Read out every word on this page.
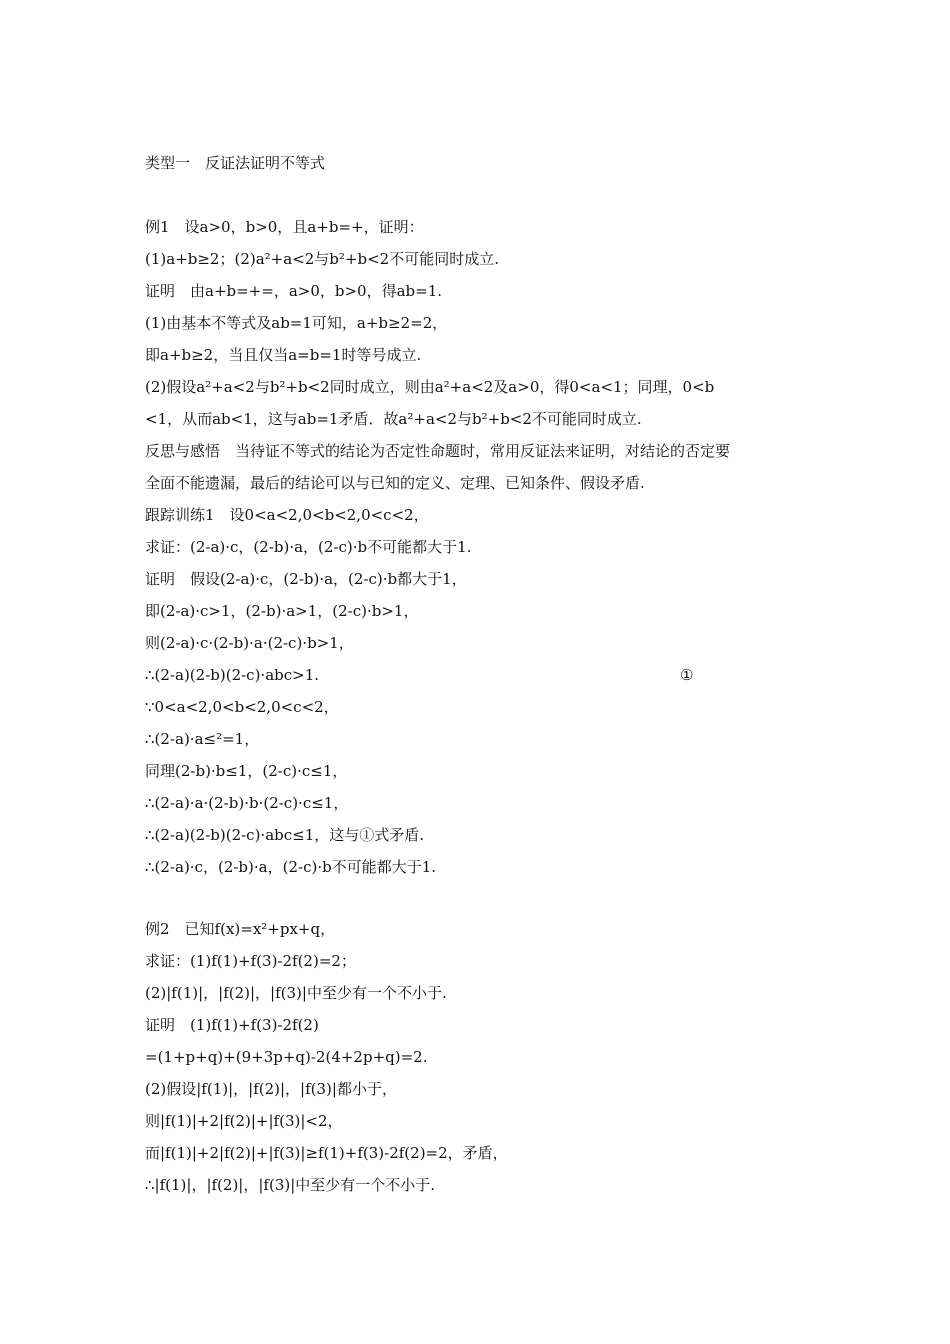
类型一　反证法证明不等式
例1　设a>0，b>0，且a+b=+，证明：
(1)a+b≥2；(2)a²+a<2与b²+b<2不可能同时成立.
证明　由a+b=+=，a>0，b>0，得ab=1.
(1)由基本不等式及ab=1可知，a+b≥2=2，
即a+b≥2，当且仅当a=b=1时等号成立.
(2)假设a²+a<2与b²+b<2同时成立，则由a²+a<2及a>0，得0<a<1；同理，0<b
<1，从而ab<1，这与ab=1矛盾．故a²+a<2与b²+b<2不可能同时成立.
反思与感悟　当待证不等式的结论为否定性命题时，常用反证法来证明，对结论的否定要
全面不能遗漏，最后的结论可以与已知的定义、定理、已知条件、假设矛盾.
跟踪训练1　设0<a<2,0<b<2,0<c<2，
求证：(2-a)·c，(2-b)·a，(2-c)·b不可能都大于1.
证明　假设(2-a)·c，(2-b)·a，(2-c)·b都大于1，
即(2-a)·c>1，(2-b)·a>1，(2-c)·b>1，
则(2-a)·c·(2-b)·a·(2-c)·b>1，
∴(2-a)(2-b)(2-c)·abc>1.	①
∵0<a<2,0<b<2,0<c<2，
∴(2-a)·a≤²=1，
同理(2-b)·b≤1，(2-c)·c≤1，
∴(2-a)·a·(2-b)·b·(2-c)·c≤1，
∴(2-a)(2-b)(2-c)·abc≤1，这与①式矛盾.
∴(2-a)·c，(2-b)·a，(2-c)·b不可能都大于1.
例2　已知f(x)=x²+px+q，
求证：(1)f(1)+f(3)-2f(2)=2；
(2)|f(1)|，|f(2)|，|f(3)|中至少有一个不小于.
证明　(1)f(1)+f(3)-2f(2)
=(1+p+q)+(9+3p+q)-2(4+2p+q)=2.
(2)假设|f(1)|，|f(2)|，|f(3)|都小于，
则|f(1)|+2|f(2)|+|f(3)|<2，
而|f(1)|+2|f(2)|+|f(3)|≥f(1)+f(3)-2f(2)=2，矛盾，
∴|f(1)|，|f(2)|，|f(3)|中至少有一个不小于.
